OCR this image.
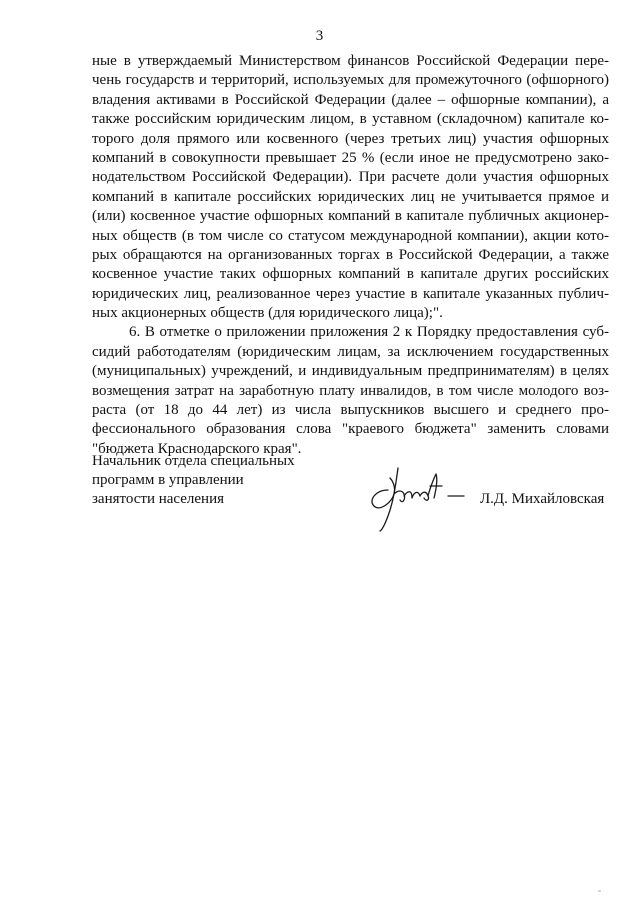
3
ные в утверждаемый Министерством финансов Российской Федерации пере-
чень государств и территорий, используемых для промежуточного (офшорного)
владения активами в Российской Федерации (далее – офшорные компании), а
также российским юридическим лицом, в уставном (складочном) капитале ко-
торого доля прямого или косвенного (через третьих лиц) участия офшорных
компаний в совокупности превышает 25 % (если иное не предусмотрено зако-
нодательством Российской Федерации). При расчете доли участия офшорных
компаний в капитале российских юридических лиц не учитывается прямое и
(или) косвенное участие офшорных компаний в капитале публичных акционер-
ных обществ (в том числе со статусом международной компании), акции кото-
рых обращаются на организованных торгах в Российской Федерации, а также
косвенное участие таких офшорных компаний в капитале других российских
юридических лиц, реализованное через участие в капитале указанных публич-
ных акционерных обществ (для юридического лица);".
6. В отметке о приложении приложения 2 к Порядку предоставления суб-
сидий работодателям (юридическим лицам, за исключением государственных
(муниципальных) учреждений, и индивидуальным предпринимателям) в целях
возмещения затрат на заработную плату инвалидов, в том числе молодого воз-
раста (от 18 до 44 лет) из числа выпускников высшего и среднего про-
фессионального образования слова "краевого бюджета" заменить словами
"бюджета Краснодарского края".
Начальник отдела специальных
программ в управлении
занятости населения	Л.Д. Михайловская
